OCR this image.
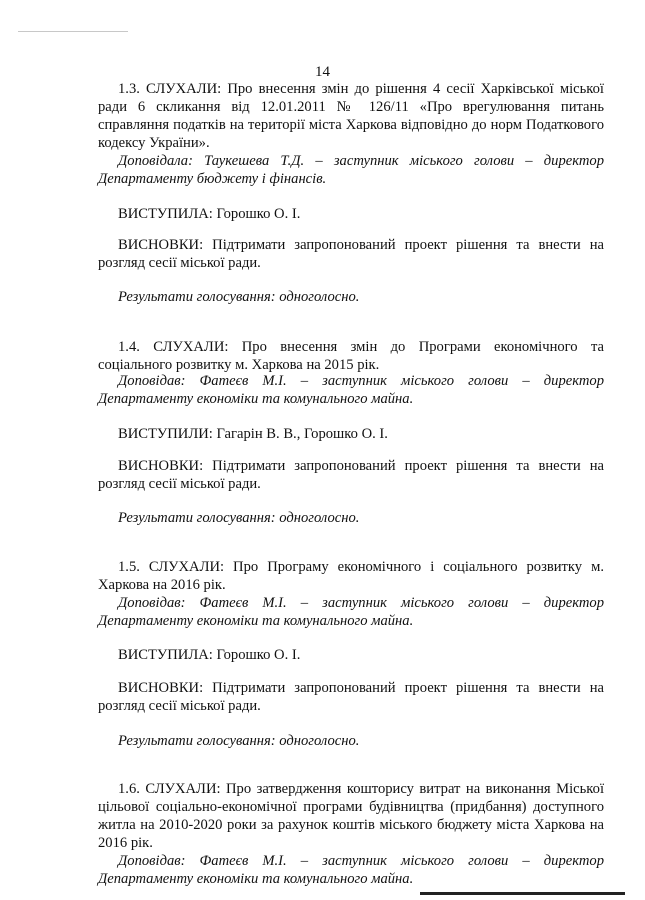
14

1.3. СЛУХАЛИ: Про внесення змін до рішення 4 сесії Харківської міської ради 6 скликання від 12.01.2011 № 126/11 «Про врегулювання питань справляння податків на території міста Харкова відповідно до норм Податкового кодексу України».

Доповідала: Таукешева Т.Д. – заступник міського голови – директор Департаменту бюджету і фінансів.

ВИСТУПИЛА: Горошко О. І.

ВИСНОВКИ: Підтримати запропонований проект рішення та внести на розгляд сесії міської ради.

Результати голосування: одноголосно.

1.4. СЛУХАЛИ: Про внесення змін до Програми економічного та соціального розвитку м. Харкова на 2015 рік.

Доповідав: Фатеєв М.І. – заступник міського голови – директор Департаменту економіки та комунального майна.

ВИСТУПИЛИ: Гагарін В. В., Горошко О. І.

ВИСНОВКИ: Підтримати запропонований проект рішення та внести на розгляд сесії міської ради.

Результати голосування: одноголосно.

1.5. СЛУХАЛИ: Про Програму економічного і соціального розвитку м. Харкова на 2016 рік.

Доповідав: Фатеєв М.І. – заступник міського голови – директор Департаменту економіки та комунального майна.

ВИСТУПИЛА: Горошко О. І.

ВИСНОВКИ: Підтримати запропонований проект рішення та внести на розгляд сесії міської ради.

Результати голосування: одноголосно.

1.6. СЛУХАЛИ: Про затвердження кошторису витрат на виконання Міської цільової соціально-економічної програми будівництва (придбання) доступного житла на 2010-2020 роки за рахунок коштів міського бюджету міста Харкова на 2016 рік.

Доповідав: Фатеєв М.І. – заступник міського голови – директор Департаменту економіки та комунального майна.
